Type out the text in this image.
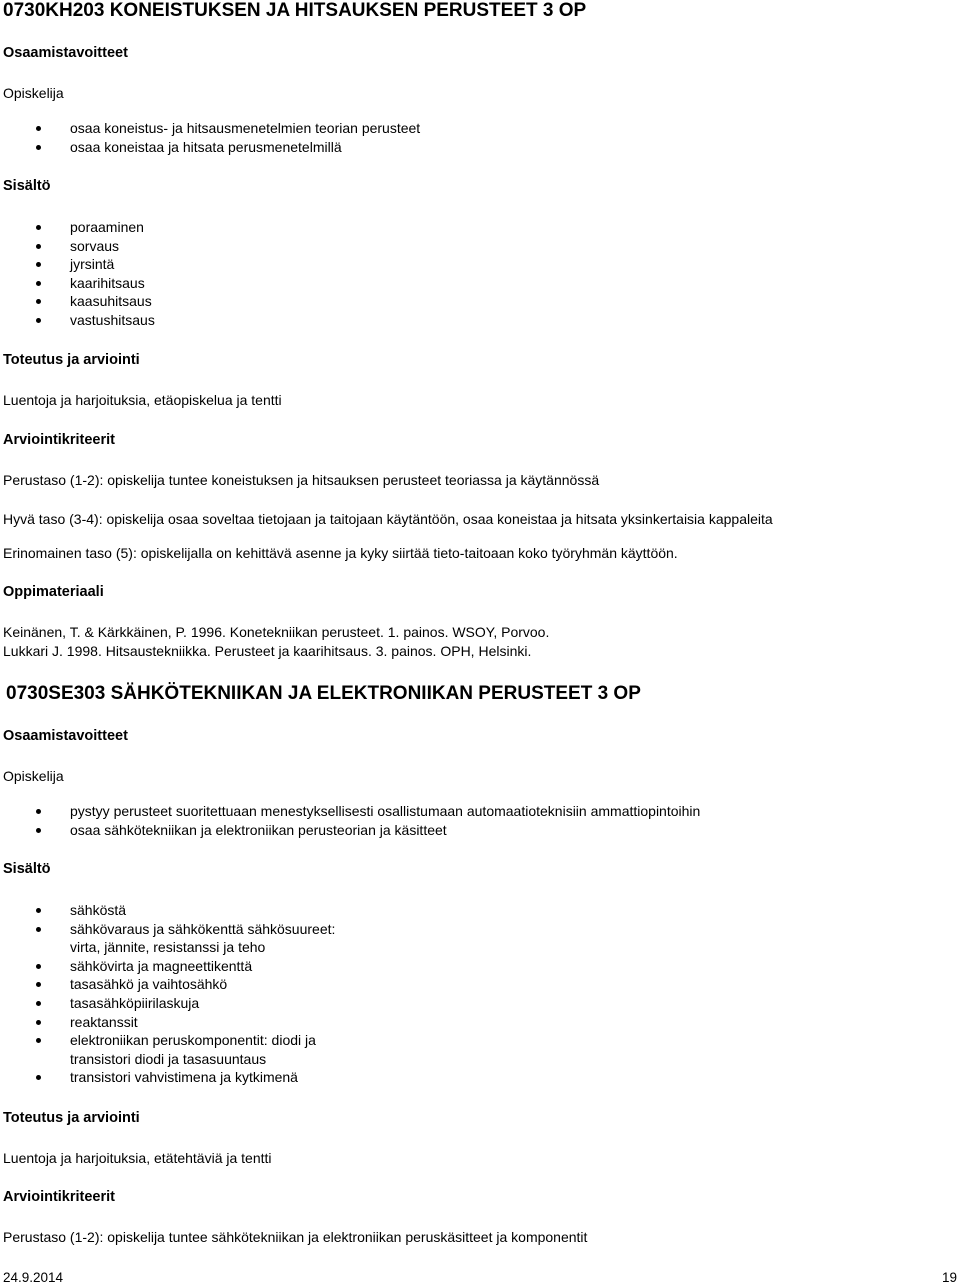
0730KH203 KONEISTUKSEN JA HITSAUKSEN PERUSTEET 3 OP
Osaamistavoitteet
Opiskelija
osaa koneistus- ja hitsausmenetelmien teorian perusteet
osaa koneistaa ja hitsata perusmenetelmillä
Sisältö
poraaminen
sorvaus
jyrsintä
kaarihitsaus
kaasuhitsaus
vastushitsaus
Toteutus ja arviointi
Luentoja ja harjoituksia, etäopiskelua ja tentti
Arviointikriteerit
Perustaso (1-2): opiskelija tuntee koneistuksen ja hitsauksen perusteet teoriassa ja käytännössä
Hyvä taso (3-4): opiskelija osaa soveltaa tietojaan ja taitojaan käytäntöön, osaa koneistaa ja hitsata yksinkertaisia kappaleita
Erinomainen taso (5): opiskelijalla on kehittävä asenne ja kyky siirtää tieto-taitoaan koko työryhmän käyttöön.
Oppimateriaali
Keinänen, T. & Kärkkäinen, P. 1996. Konetekniikan perusteet. 1. painos. WSOY, Porvoo.
Lukkari J. 1998. Hitsaustekniikka. Perusteet ja kaarihitsaus. 3. painos. OPH, Helsinki.
0730SE303 SÄHKÖTEKNIIKAN JA ELEKTRONIIKAN PERUSTEET 3 OP
Osaamistavoitteet
Opiskelija
pystyy perusteet suoritettuaan menestyksellisesti osallistumaan automaatioteknisiin ammattiopintoihin
osaa sähkötekniikan ja elektroniikan perusteorian ja käsitteet
Sisältö
sähköstä
sähkövaraus ja sähkökenttä sähkösuureet:
virta, jännite, resistanssi ja teho
sähkövirta ja magneettikenttä
tasasähkö ja vaihtosähkö
tasasähköpiirilaskuja
reaktanssit
elektroniikan peruskomponentit: diodi ja
transistori diodi ja tasasuuntaus
transistori vahvistimena ja kytkimenä
Toteutus ja arviointi
Luentoja ja harjoituksia, etätehtäviä ja tentti
Arviointikriteerit
Perustaso (1-2): opiskelija tuntee sähkötekniikan ja elektroniikan peruskäsitteet ja komponentit
24.9.2014	19
